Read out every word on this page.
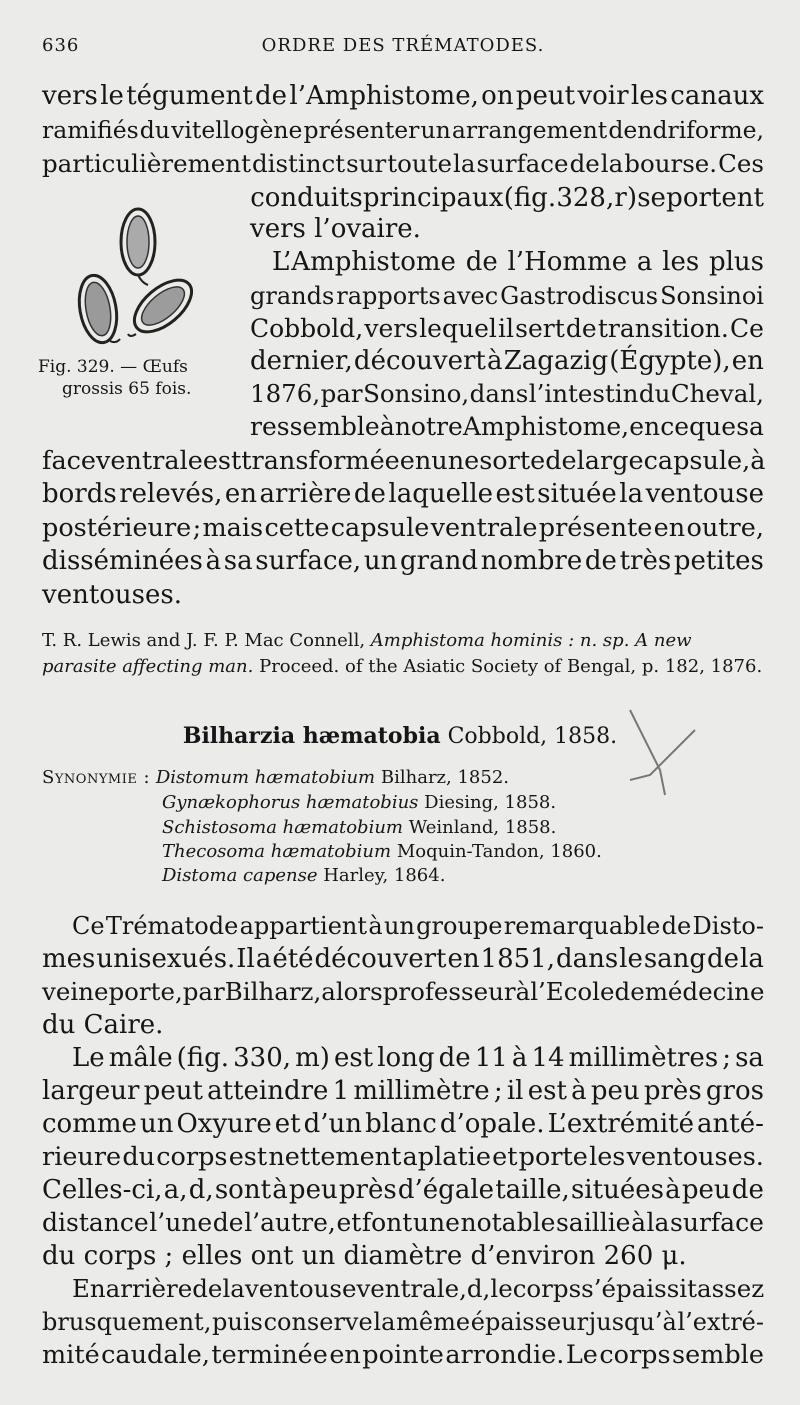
636	ORDRE DES TRÉMATODES.
vers le tégument de l’Amphistome, on peut voir les canaux
ramifiés du vitellogène présenter un arrangement dendriforme,
particulièrement distinct sur toute la surface de la bourse. Ces
conduits principaux (fig. 328, r) se portent
vers l’ovaire.
L’Amphistome de l’Homme a les plus
grands rapports avec Gastrodiscus Sonsinoi
Cobbold, vers lequel il sert de transition. Ce
dernier, découvert à Zagazig (Égypte), en
1876, par Sonsino, dans l’intestin du Cheval,
ressemble à notre Amphistome, en ce que sa
face ventrale est transformée en une sorte de large capsule, à
bords relevés, en arrière de laquelle est située la ventouse
postérieure ; mais cette capsule ventrale présente en outre,
disséminées à sa surface, un grand nombre de très petites
ventouses.
Fig. 329. — Œufs
grossis 65 fois.
T. R. Lewis and J. F. P. Mac Connell, Amphistoma hominis : n. sp. A new
parasite affecting man. Proceed. of the Asiatic Society of Bengal, p. 182, 1876.
Bilharzia hæmatobia Cobbold, 1858.
Synonymie : Distomum hæmatobium Bilharz, 1852.
Gynækophorus hæmatobius Diesing, 1858.
Schistosoma hæmatobium Weinland, 1858.
Thecosoma hæmatobium Moquin-Tandon, 1860.
Distoma capense Harley, 1864.
Ce Trématode appartient à un groupe remarquable de Disto-
mes unisexués. Il a été découvert en 1851, dans le sang de la
veine porte, par Bilharz, alors professeur à l’Ecole de médecine
du Caire.
Le mâle (fig. 330, m) est long de 11 à 14 millimètres ; sa
largeur peut atteindre 1 millimètre ; il est à peu près gros
comme un Oxyure et d’un blanc d’opale. L’extrémité anté-
rieure du corps est nettement aplatie et porte les ventouses.
Celles-ci, a, d, sont à peu près d’égale taille, situées à peu de
distance l’une de l’autre, et font une notable saillie à la surface
du corps ; elles ont un diamètre d’environ 260 μ.
En arrière de la ventouse ventrale, d, le corps s’épaissit assez
brusquement, puis conserve la même épaisseur jusqu’à l’extré-
mité caudale, terminée en pointe arrondie. Le corps semble
